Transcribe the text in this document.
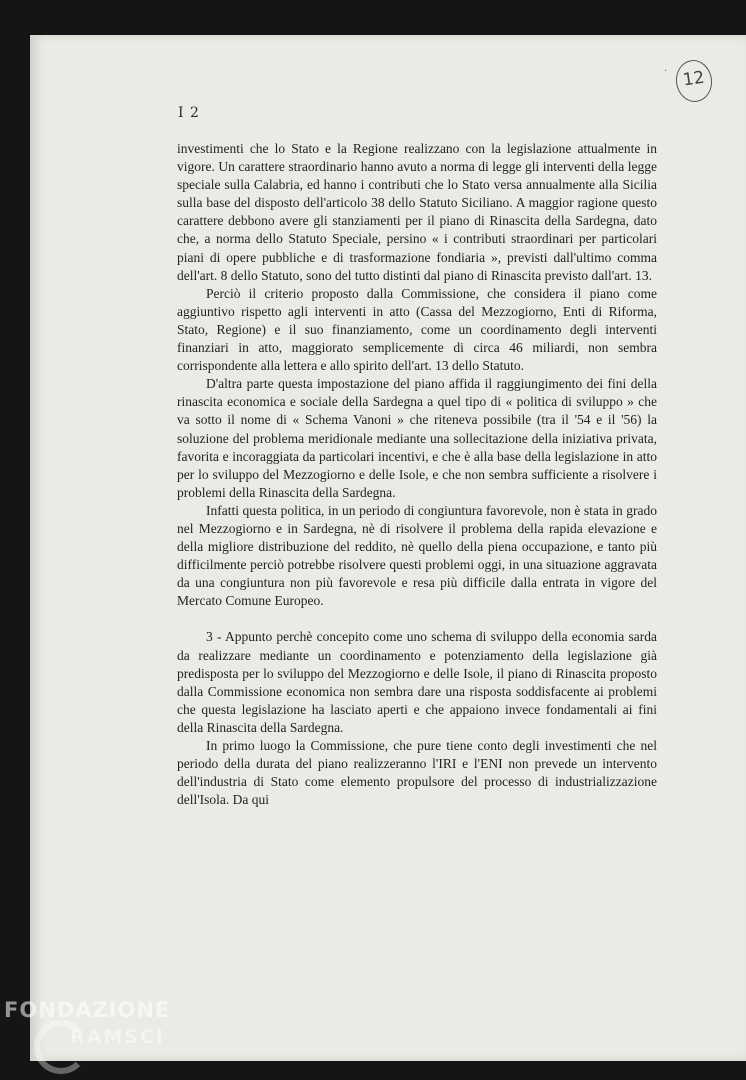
· 12
I 2

investimenti che lo Stato e la Regione realizzano con la legislazione attualmente in vigore. Un carattere straordinario hanno avuto a norma di legge gli interventi della legge speciale sulla Calabria, ed hanno i contributi che lo Stato versa annualmente alla Sicilia sulla base del disposto dell'articolo 38 dello Statuto Siciliano. A maggior ragione questo carattere debbono avere gli stanziamenti per il piano di Rinascita della Sardegna, dato che, a norma dello Statuto Speciale, persino « i contributi straordinari per particolari piani di opere pubbliche e di trasformazione fondiaria », previsti dall'ultimo comma dell'art. 8 dello Statuto, sono del tutto distinti dal piano di Rinascita previsto dall'art. 13.

Perciò il criterio proposto dalla Commissione, che considera il piano come aggiuntivo rispetto agli interventi in atto (Cassa del Mezzogiorno, Enti di Riforma, Stato, Regione) e il suo finanziamento, come un coordinamento degli interventi finanziari in atto, maggiorato semplicemente di circa 46 miliardi, non sembra corrispondente alla lettera e allo spirito dell'art. 13 dello Statuto.

D'altra parte questa impostazione del piano affida il raggiungimento dei fini della rinascita economica e sociale della Sardegna a quel tipo di « politica di sviluppo » che va sotto il nome di « Schema Vanoni » che riteneva possibile (tra il '54 e il '56) la soluzione del problema meridionale mediante una sollecitazione della iniziativa privata, favorita e incoraggiata da particolari incentivi, e che è alla base della legislazione in atto per lo sviluppo del Mezzogiorno e delle Isole, e che non sembra sufficiente a risolvere i problemi della Rinascita della Sardegna.

Infatti questa politica, in un periodo di congiuntura favorevole, non è stata in grado nel Mezzogiorno e in Sardegna, nè di risolvere il problema della rapida elevazione e della migliore distribuzione del reddito, nè quello della piena occupazione, e tanto più difficilmente perciò potrebbe risolvere questi problemi oggi, in una situazione aggravata da una congiuntura non più favorevole e resa più difficile dalla entrata in vigore del Mercato Comune Europeo.

3 - Appunto perchè concepito come uno schema di sviluppo della economia sarda da realizzare mediante un coordinamento e potenziamento della legislazione già predisposta per lo sviluppo del Mezzogiorno e delle Isole, il piano di Rinascita proposto dalla Commissione economica non sembra dare una risposta soddisfacente ai problemi che questa legislazione ha lasciato aperti e che appaiono invece fondamentali ai fini della Rinascita della Sardegna.

In primo luogo la Commissione, che pure tiene conto degli investimenti che nel periodo della durata del piano realizzeranno l'IRI e l'ENI non prevede un intervento dell'industria di Stato come elemento propulsore del processo di industrializzazione dell'Isola. Da qui

FONDAZIONE
RAMSCI
